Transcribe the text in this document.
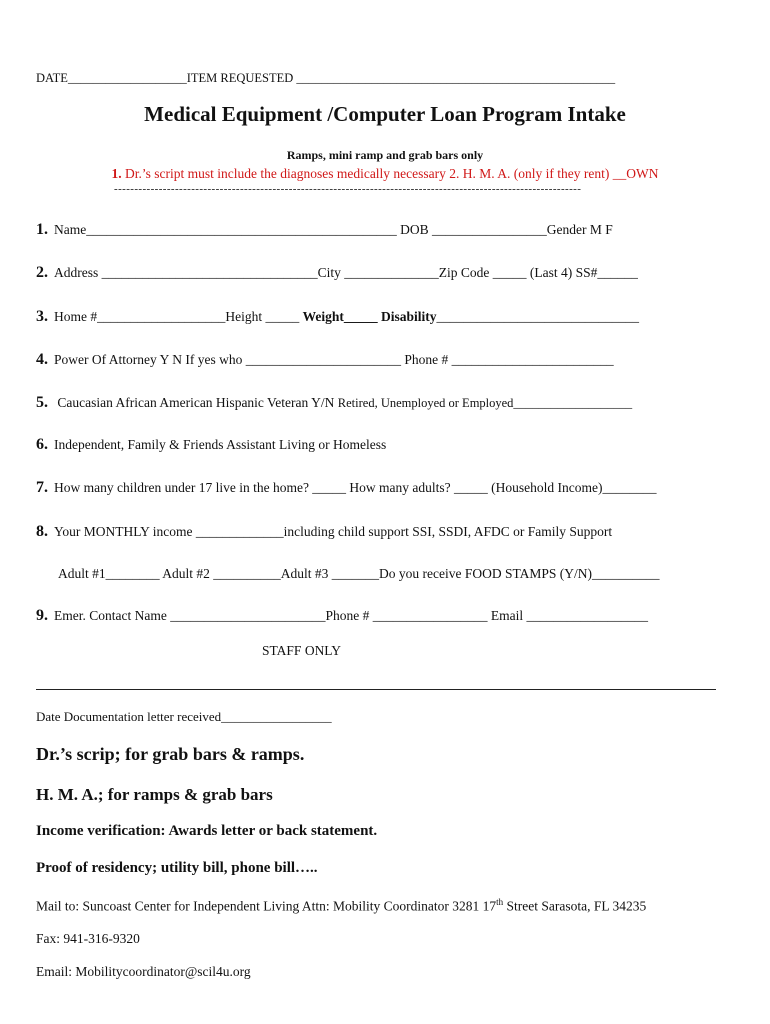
DATE___________________ITEM REQUESTED ___________________________________________________
Medical Equipment /Computer Loan Program Intake
Ramps, mini ramp and grab bars only
1. Dr.’s script must include the diagnoses medically necessary 2. H. M. A. (only if they rent) __OWN
-------------------------------------------------------------------------------------------------------------------
1. Name______________________________________________ DOB _________________Gender M F
2. Address ________________________________City ______________Zip Code _____ (Last 4) SS#______
3. Home #___________________Height _____ Weight_____ Disability______________________________
4. Power Of Attorney Y N If yes who _______________________ Phone # ________________________
5. Caucasian African American Hispanic Veteran Y/N Retired, Unemployed or Employed___________________
6. Independent, Family & Friends Assistant Living or Homeless
7. How many children under 17 live in the home? _____ How many adults? _____ (Household Income)________
8. Your MONTHLY income _____________including child support SSI, SSDI, AFDC or Family Support
Adult #1________ Adult #2 __________Adult #3 _______Do you receive FOOD STAMPS (Y/N)__________
9. Emer. Contact Name _______________________Phone # _________________ Email __________________
STAFF ONLY
Date Documentation letter received_________________
Dr.’s scrip; for grab bars & ramps.
H. M. A.; for ramps & grab bars
Income verification: Awards letter or back statement.
Proof of residency; utility bill, phone bill…..
Mail to: Suncoast Center for Independent Living Attn: Mobility Coordinator 3281 17th Street Sarasota, FL 34235
Fax: 941-316-9320
Email: Mobilitycoordinator@scil4u.org
